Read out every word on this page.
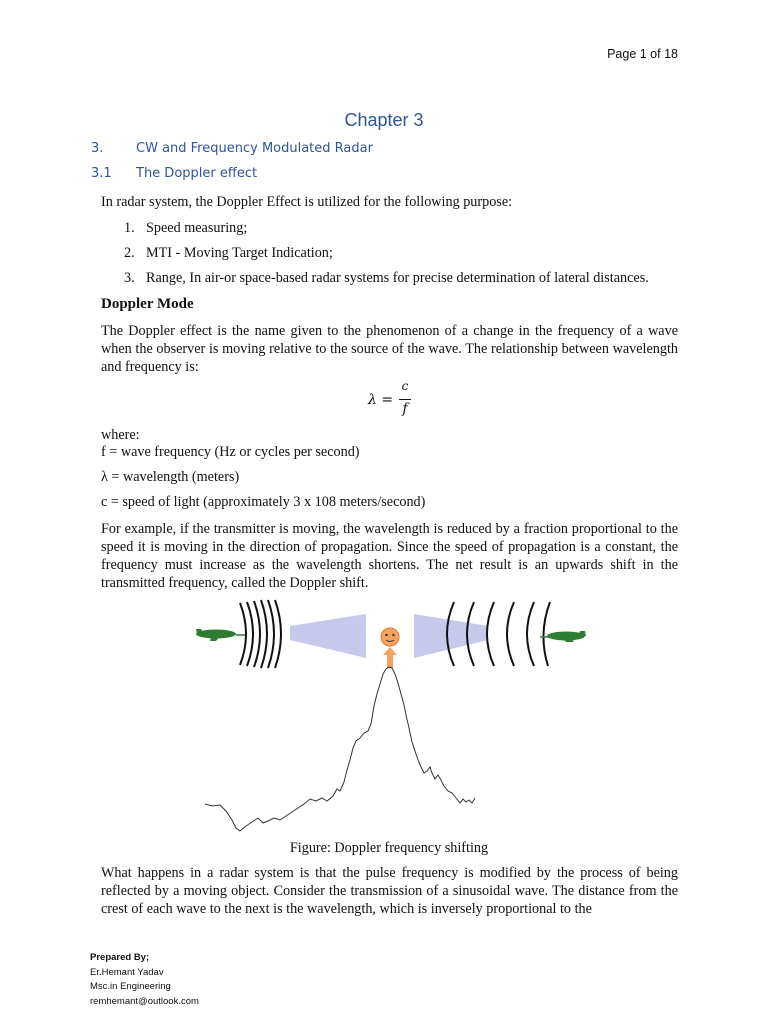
Page 1 of 18
Chapter 3
3.	CW and Frequency Modulated Radar
3.1 The Doppler effect
In radar system, the Doppler Effect is utilized for the following purpose:
1. Speed measuring;
2. MTI - Moving Target Indication;
3. Range, In air-or space-based radar systems for precise determination of lateral distances.
Doppler Mode
The Doppler effect is the name given to the phenomenon of a change in the frequency of a wave when the observer is moving relative to the source of the wave. The relationship between wavelength and frequency is:
λ =
c
f
where:
f = wave frequency (Hz or cycles per second)
λ = wavelength (meters)
c = speed of light (approximately 3 x 108 meters/second)
For example, if the transmitter is moving, the wavelength is reduced by a fraction proportional to the speed it is moving in the direction of propagation. Since the speed of propagation is a constant, the frequency must increase as the wavelength shortens. The net result is an upwards shift in the transmitted frequency, called the Doppler shift.
Figure: Doppler frequency shifting
What happens in a radar system is that the pulse frequency is modified by the process of being reflected by a moving object. Consider the transmission of a sinusoidal wave. The distance from the crest of each wave to the next is the wavelength, which is inversely proportional to the
Prepared By;
Er.Hemant Yadav
Msc.in Engineering
remhemant@outlook.com
